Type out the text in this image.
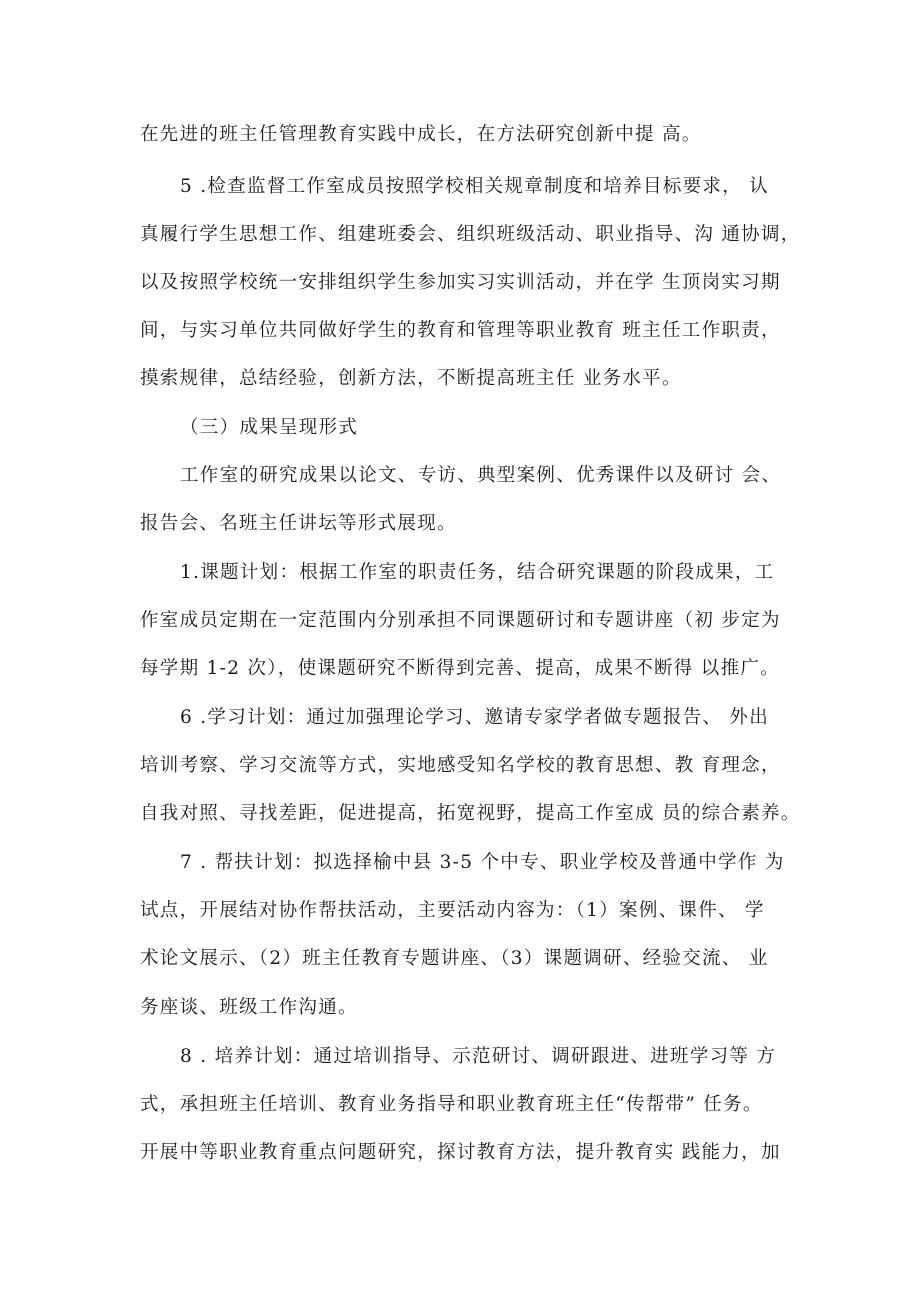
在先进的班主任管理教育实践中成长，在方法研究创新中提 高。
5 .检查监督工作室成员按照学校相关规章制度和培养目标要求， 认
真履行学生思想工作、组建班委会、组织班级活动、职业指导、沟 通协调，
以及按照学校统一安排组织学生参加实习实训活动，并在学 生顶岗实习期
间，与实习单位共同做好学生的教育和管理等职业教育 班主任工作职责，
摸索规律，总结经验，创新方法，不断提高班主任 业务水平。
（三）成果呈现形式
工作室的研究成果以论文、专访、典型案例、优秀课件以及研讨 会、
报告会、名班主任讲坛等形式展现。
1.课题计划：根据工作室的职责任务，结合研究课题的阶段成果，工
作室成员定期在一定范围内分别承担不同课题研讨和专题讲座（初 步定为
每学期 1-2 次），使课题研究不断得到完善、提高，成果不断得 以推广。
6 .学习计划：通过加强理论学习、邀请专家学者做专题报告、 外出
培训考察、学习交流等方式，实地感受知名学校的教育思想、教 育理念，
自我对照、寻找差距，促进提高，拓宽视野，提高工作室成 员的综合素养。
7 . 帮扶计划：拟选择榆中县 3-5 个中专、职业学校及普通中学作 为
试点，开展结对协作帮扶活动，主要活动内容为：（1）案例、课件、 学
术论文展示、（2）班主任教育专题讲座、（3）课题调研、经验交流、 业
务座谈、班级工作沟通。
8 . 培养计划：通过培训指导、示范研讨、调研跟进、进班学习等 方
式，承担班主任培训、教育业务指导和职业教育班主任“传帮带” 任务。
开展中等职业教育重点问题研究，探讨教育方法，提升教育实 践能力，加
